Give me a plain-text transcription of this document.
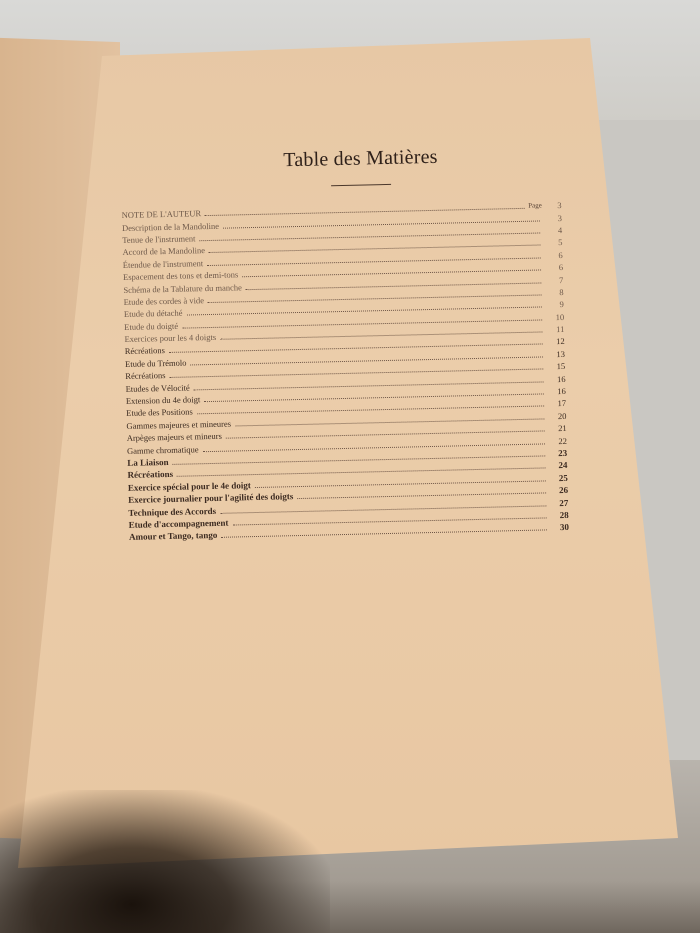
Table des Matières
NOTE DE L'AUTEUR
Page	3
Description de la Mandoline
3
Tenue de l'instrument
4
Accord de la Mandoline
5
Étendue de l'instrument
6
Espacement des tons et demi-tons
6
Schéma de la Tablature du manche
7
Etude des cordes à vide
8
Etude du détaché
9
Etude du doigté
10
Exercices pour les 4 doigts
11
Récréations
12
Etude du Trémolo
13
Récréations
15
Etudes de Vélocité
16
Extension du 4e doigt
16
Etude des Positions
17
Gammes majeures et mineures
20
Arpèges majeurs et mineurs
21
Gamme chromatique
22
La Liaison
23
Récréations
24
Exercice spécial pour le 4e doigt
25
Exercice journalier pour l'agilité des doigts
26
Technique des Accords
27
Etude d'accompagnement
28
Amour et Tango, tango
30
